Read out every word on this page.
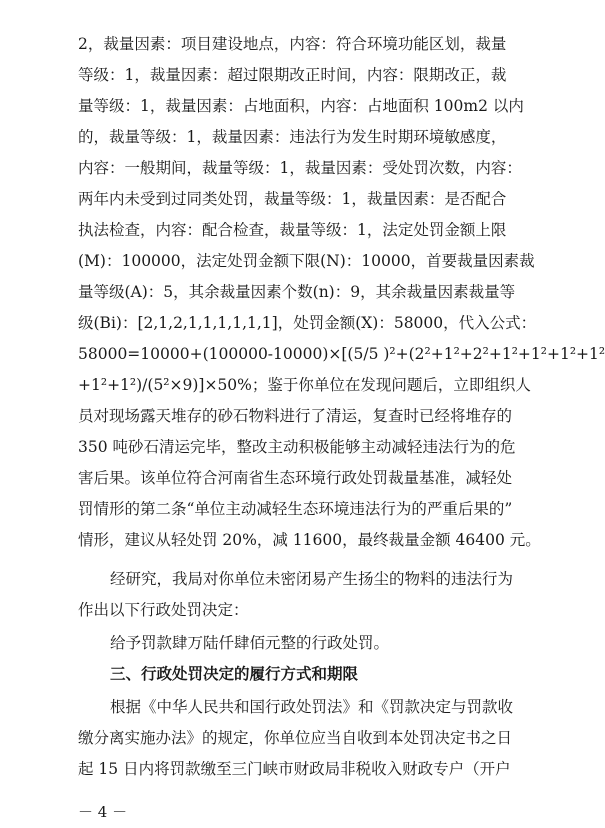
2，裁量因素：项目建设地点，内容：符合环境功能区划，裁量
等级：1，裁量因素：超过限期改正时间，内容：限期改正，裁
量等级：1，裁量因素：占地面积，内容：占地面积 100m2 以内
的，裁量等级：1，裁量因素：违法行为发生时期环境敏感度，
内容：一般期间，裁量等级：1，裁量因素：受处罚次数，内容：
两年内未受到过同类处罚，裁量等级：1，裁量因素：是否配合
执法检查，内容：配合检查，裁量等级：1，法定处罚金额上限
(M)：100000，法定处罚金额下限(N)：10000，首要裁量因素裁
量等级(A)：5，其余裁量因素个数(n)：9，其余裁量因素裁量等
级(Bi)：[2,1,2,1,1,1,1,1,1]，处罚金额(X)：58000，代入公式：
58000=10000+(100000-10000)×[(5/5 )²+(2²+1²+2²+1²+1²+1²+1²
+1²+1²)/(5²×9)]×50%；鉴于你单位在发现问题后，立即组织人
员对现场露天堆存的砂石物料进行了清运，复查时已经将堆存的
350 吨砂石清运完毕，整改主动积极能够主动减轻违法行为的危
害后果。该单位符合河南省生态环境行政处罚裁量基准，减轻处
罚情形的第二条“单位主动减轻生态环境违法行为的严重后果的”
情形，建议从轻处罚 20%，减 11600，最终裁量金额 46400 元。
经研究，我局对你单位未密闭易产生扬尘的物料的违法行为
作出以下行政处罚决定：
给予罚款肆万陆仟肆佰元整的行政处罚。
三、行政处罚决定的履行方式和期限
根据《中华人民共和国行政处罚法》和《罚款决定与罚款收
缴分离实施办法》的规定，你单位应当自收到本处罚决定书之日
起 15 日内将罚款缴至三门峡市财政局非税收入财政专户（开户
－ 4 －
